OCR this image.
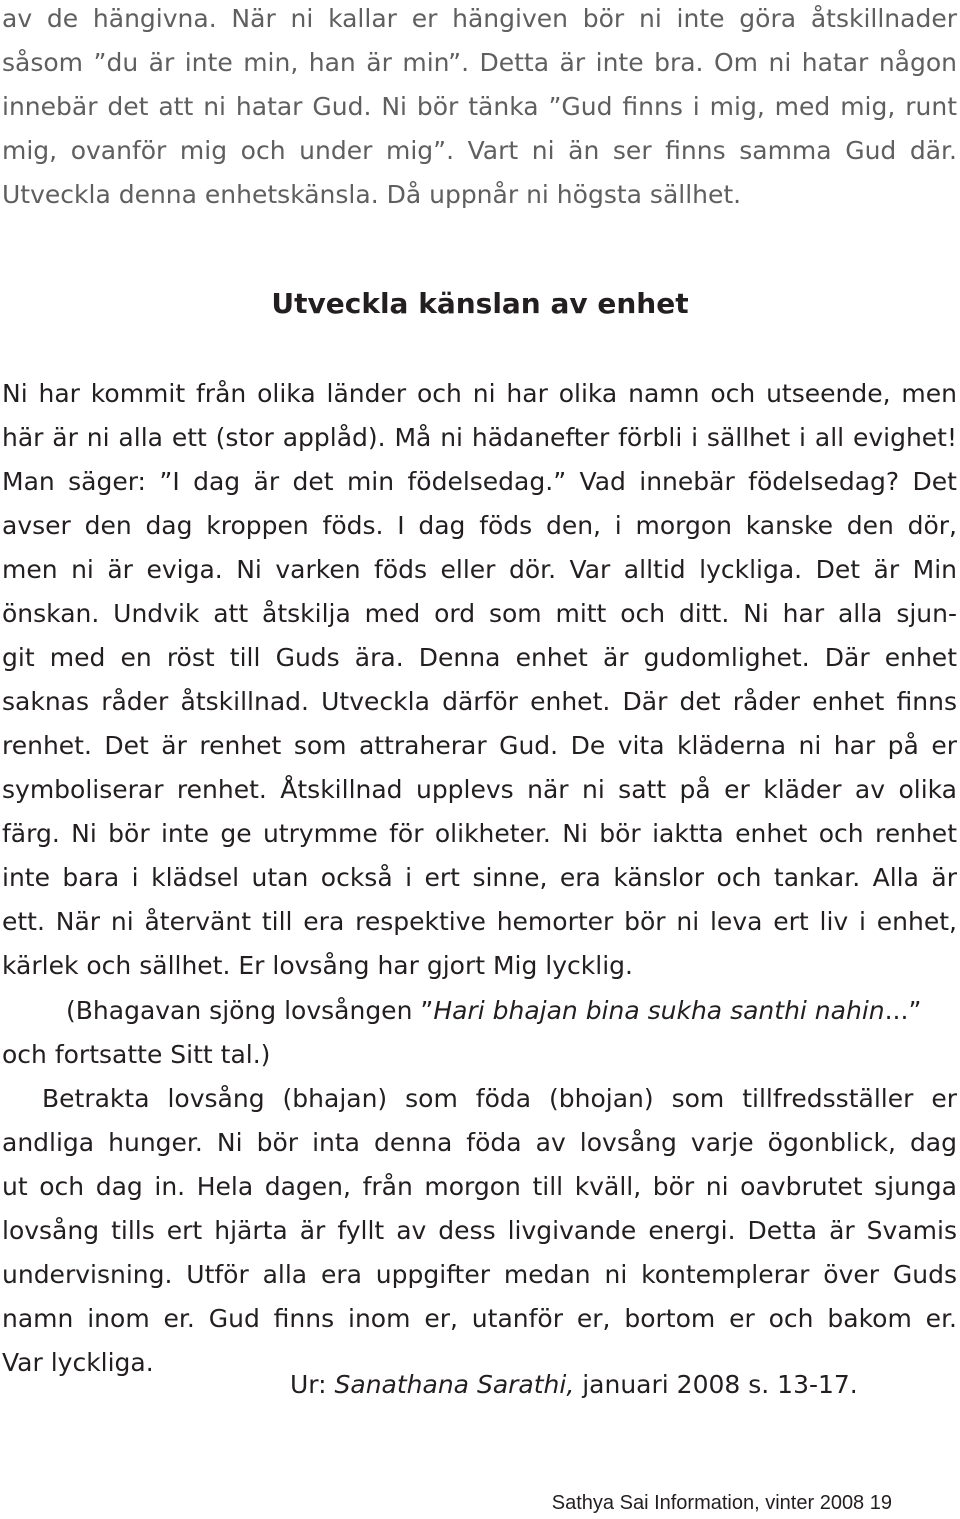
av de hängivna. När ni kallar er hängiven bör ni inte göra åtskillnader

såsom ”du är inte min, han är min”. Detta är inte bra. Om ni hatar någon

innebär det att ni hatar Gud. Ni bör tänka ”Gud finns i mig, med mig, runt

mig, ovanför mig och under mig”. Vart ni än ser finns samma Gud där.

Utveckla denna enhetskänsla. Då uppnår ni högsta sällhet.

Utveckla känslan av enhet

Ni har kommit från olika länder och ni har olika namn och utseende, men

här är ni alla ett (stor applåd). Må ni hädanefter förbli i sällhet i all evighet!

Man säger: ”I dag är det min födelsedag.” Vad innebär födelsedag? Det

avser den dag kroppen föds. I dag föds den, i morgon kanske den dör,

men ni är eviga. Ni varken föds eller dör. Var alltid lyckliga. Det är Min

önskan. Undvik att åtskilja med ord som mitt och ditt. Ni har alla sjun-

git med en röst till Guds ära. Denna enhet är gudomlighet. Där enhet

saknas råder åtskillnad. Utveckla därför enhet. Där det råder enhet finns

renhet. Det är renhet som attraherar Gud. De vita kläderna ni har på er

symboliserar renhet. Åtskillnad upplevs när ni satt på er kläder av olika

färg. Ni bör inte ge utrymme för olikheter. Ni bör iaktta enhet och renhet

inte bara i klädsel utan också i ert sinne, era känslor och tankar. Alla är

ett. När ni återvänt till era respektive hemorter bör ni leva ert liv i enhet,

kärlek och sällhet. Er lovsång har gjort Mig lycklig.

(Bhagavan sjöng lovsången ”Hari bhajan bina sukha santhi nahin...”

och fortsatte Sitt tal.)

Betrakta lovsång (bhajan) som föda (bhojan) som tillfredsställer er

andliga hunger. Ni bör inta denna föda av lovsång varje ögonblick, dag

ut och dag in. Hela dagen, från morgon till kväll, bör ni oavbrutet sjunga

lovsång tills ert hjärta är fyllt av dess livgivande energi. Detta är Svamis

undervisning. Utför alla era uppgifter medan ni kontemplerar över Guds

namn inom er. Gud finns inom er, utanför er, bortom er och bakom er.

Var lyckliga.

Ur: Sanathana Sarathi, januari 2008 s. 13-17.

Sathya Sai Information, vinter 2008 19
